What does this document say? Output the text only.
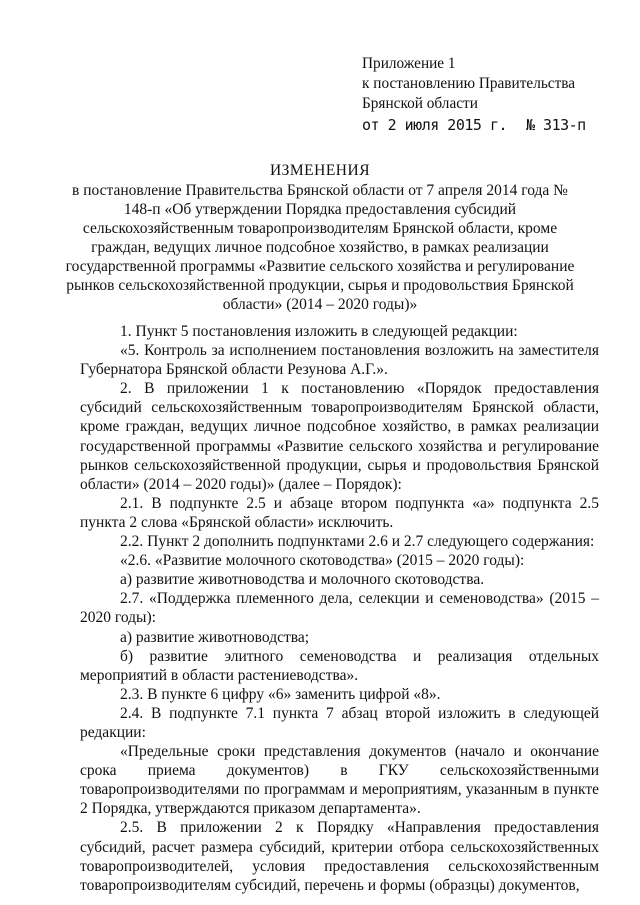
Приложение 1
к постановлению Правительства
Брянской области
от 2 июля 2015 г. № 313-п
ИЗМЕНЕНИЯ
в постановление Правительства Брянской области от 7 апреля 2014 года № 148-п «Об утверждении Порядка предоставления субсидий сельскохозяйственным товаропроизводителям Брянской области, кроме граждан, ведущих личное подсобное хозяйство, в рамках реализации государственной программы «Развитие сельского хозяйства и регулирование рынков сельскохозяйственной продукции, сырья и продовольствия Брянской области» (2014 – 2020 годы)»

1. Пункт 5 постановления изложить в следующей редакции:

«5. Контроль за исполнением постановления возложить на заместителя Губернатора Брянской области Резунова А.Г.».

2. В приложении 1 к постановлению «Порядок предоставления субсидий сельскохозяйственным товаропроизводителям Брянской области, кроме граждан, ведущих личное подсобное хозяйство, в рамках реализации государственной программы «Развитие сельского хозяйства и регулирование рынков сельскохозяйственной продукции, сырья и продовольствия Брянской области» (2014 – 2020 годы)» (далее – Порядок):

2.1. В подпункте 2.5 и абзаце втором подпункта «а» подпункта 2.5 пункта 2 слова «Брянской области» исключить.

2.2. Пункт 2 дополнить подпунктами 2.6 и 2.7 следующего содержания:

«2.6. «Развитие молочного скотоводства» (2015 – 2020 годы):

а) развитие животноводства и молочного скотоводства.

2.7. «Поддержка племенного дела, селекции и семеноводства» (2015 – 2020 годы):

а) развитие животноводства;

б) развитие элитного семеноводства и реализация отдельных мероприятий в области растениеводства».

2.3. В пункте 6 цифру «6» заменить цифрой «8».

2.4. В подпункте 7.1 пункта 7 абзац второй изложить в следующей редакции:

«Предельные сроки представления документов (начало и окончание срока приема документов) в ГКУ сельскохозяйственными товаропроизводителями по программам и мероприятиям, указанным в пункте 2 Порядка, утверждаются приказом департамента».

2.5. В приложении 2 к Порядку «Направления предоставления субсидий, расчет размера субсидий, критерии отбора сельскохозяйственных товаропроизводителей, условия предоставления сельскохозяйственным товаропроизводителям субсидий, перечень и формы (образцы) документов,
